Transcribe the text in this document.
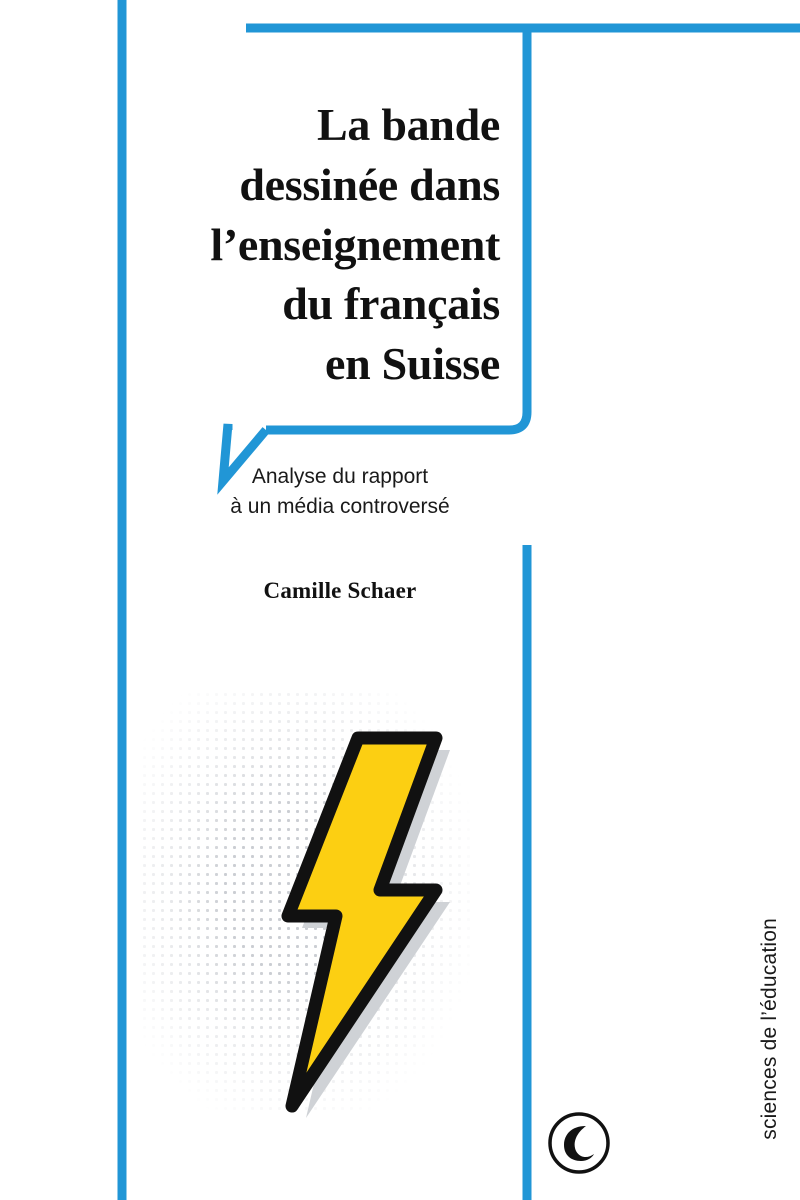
La bande
dessinée dans
l’enseignement
du français
en Suisse
Analyse du rapport
à un média controversé
Camille Schaer
sciences de l’éducation
